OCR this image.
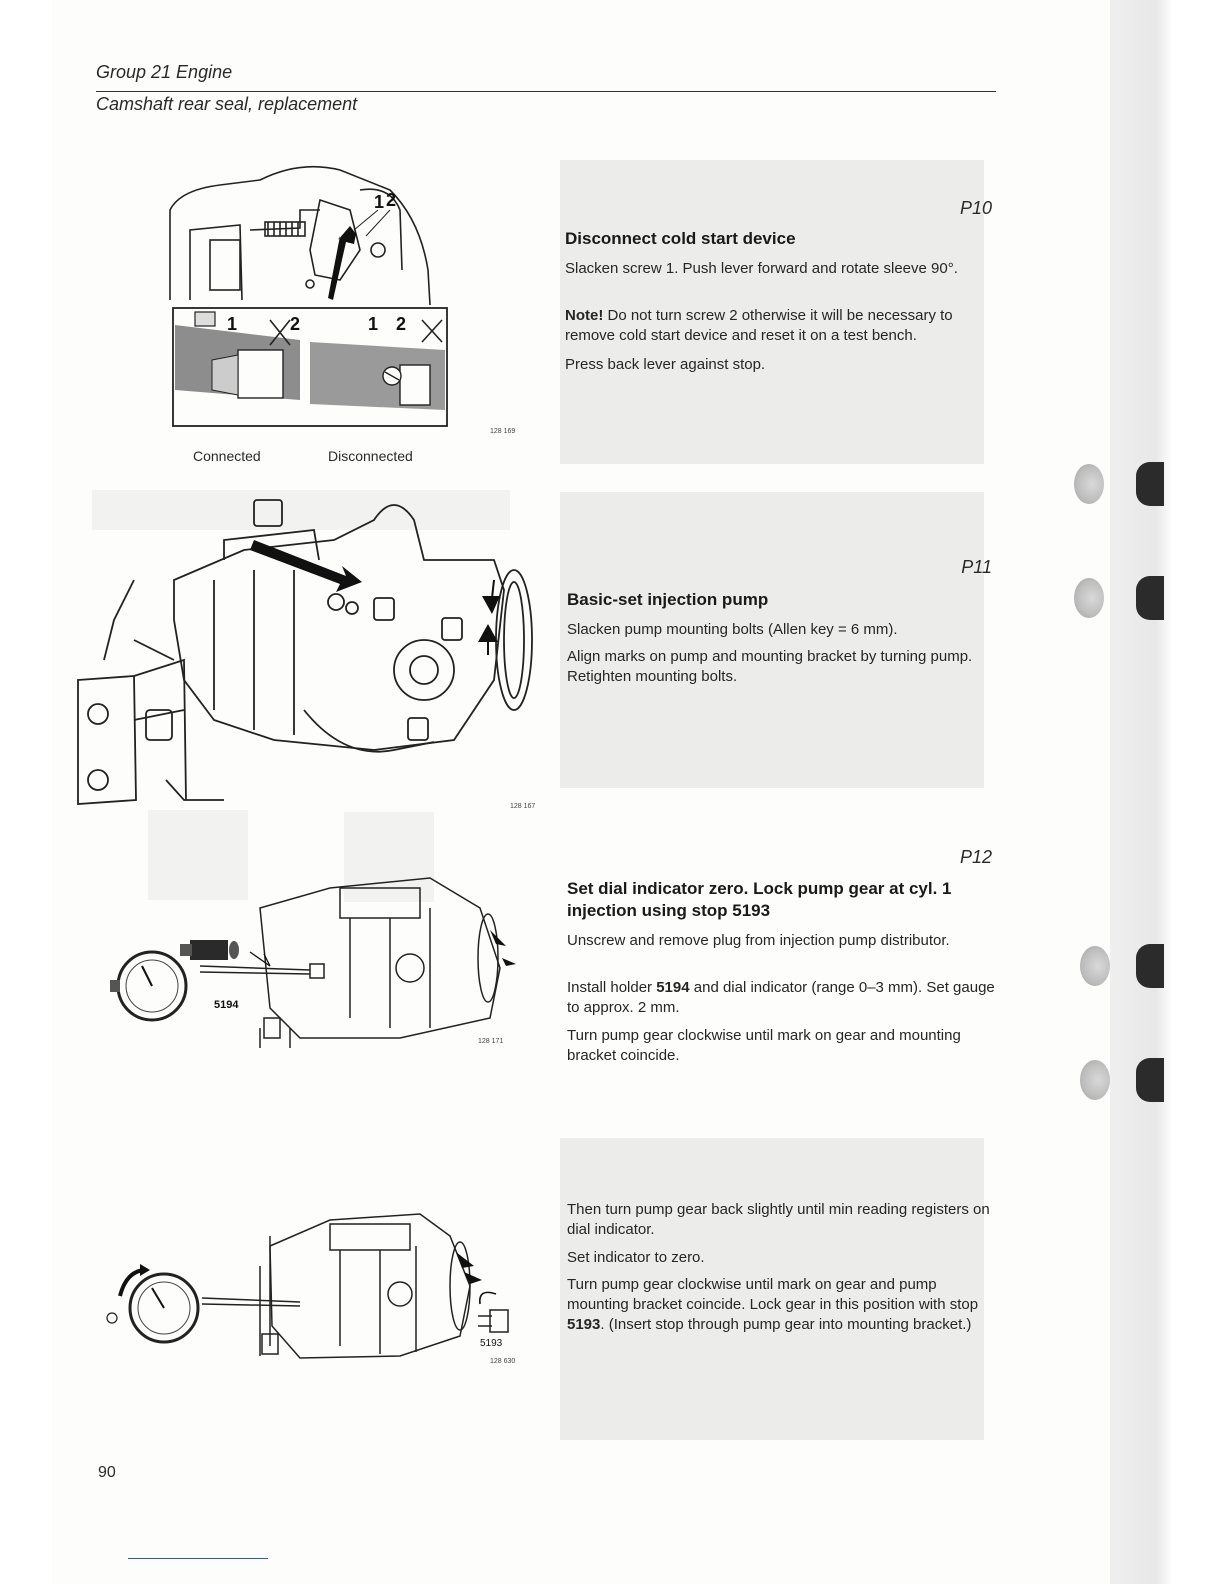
Group 21 Engine
Camshaft rear seal, replacement
P10
Disconnect cold start device

Slacken screw 1. Push lever forward and rotate sleeve 90°.

Note! Do not turn screw 2 otherwise it will be necessary to remove cold start device and reset it on a test bench.

Press back lever against stop.

P11
Basic-set injection pump

Slacken pump mounting bolts (Allen key = 6 mm).

Align marks on pump and mounting bracket by turning pump. Retighten mounting bolts.

P12
Set dial indicator zero. Lock pump gear at cyl. 1 injection using stop 5193

Unscrew and remove plug from injection pump distributor.

Install holder 5194 and dial indicator (range 0–3 mm). Set gauge to approx. 2 mm.

Turn pump gear clockwise until mark on gear and mounting bracket coincide.

Then turn pump gear back slightly until min reading registers on dial indicator.

Set indicator to zero.

Turn pump gear clockwise until mark on gear and pump mounting bracket coincide. Lock gear in this position with stop 5193. (Insert stop through pump gear into mounting bracket.)

1 2
1	2	1 2
128 169
Connected	Disconnected
128 167
5194
128 171
5193
128 630
90
